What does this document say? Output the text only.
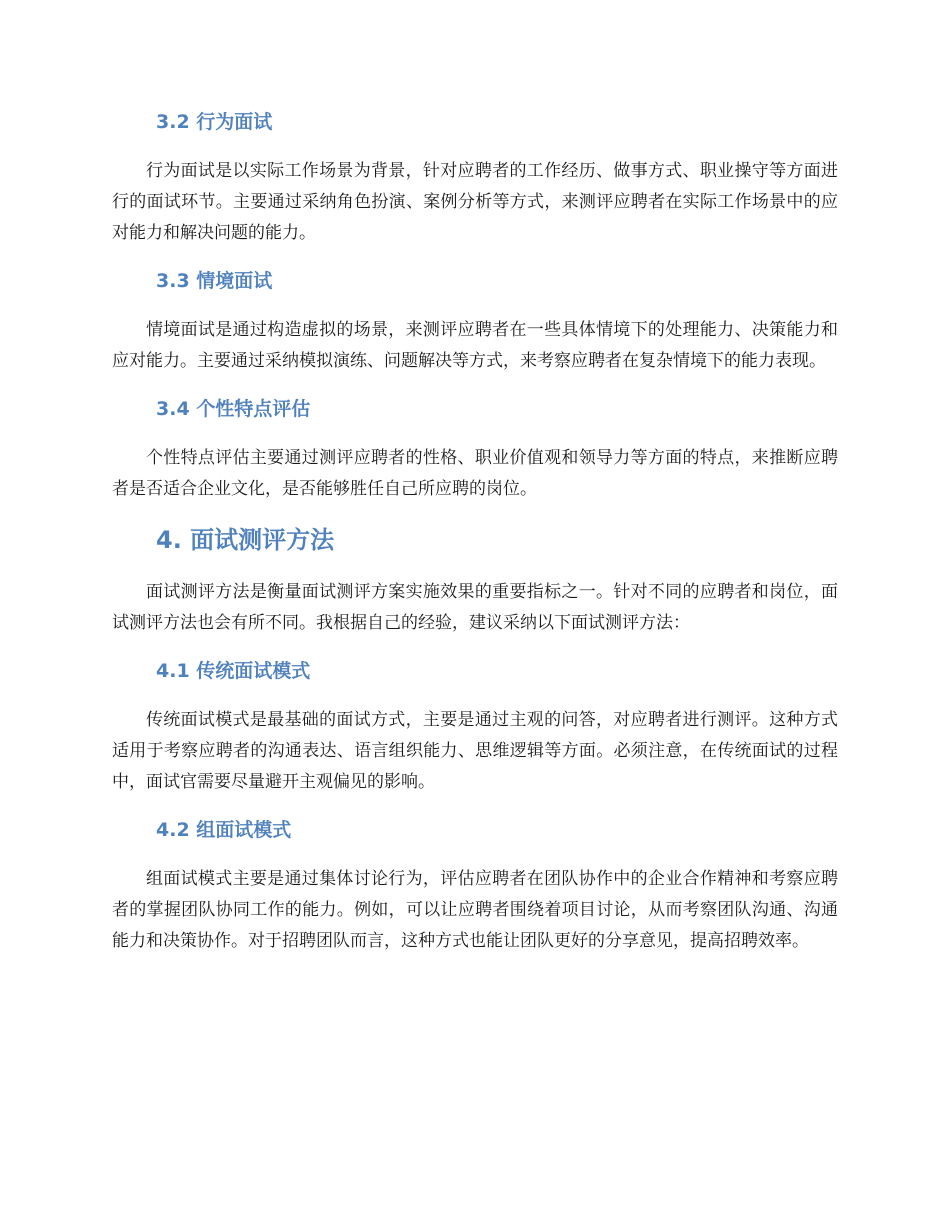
3.2 行为面试

行为面试是以实际工作场景为背景，针对应聘者的工作经历、做事方式、职业操守等方面进行的面试环节。主要通过采纳角色扮演、案例分析等方式，来测评应聘者在实际工作场景中的应对能力和解决问题的能力。

3.3 情境面试

情境面试是通过构造虚拟的场景，来测评应聘者在一些具体情境下的处理能力、决策能力和应对能力。主要通过采纳模拟演练、问题解决等方式，来考察应聘者在复杂情境下的能力表现。

3.4 个性特点评估

个性特点评估主要通过测评应聘者的性格、职业价值观和领导力等方面的特点，来推断应聘者是否适合企业文化，是否能够胜任自己所应聘的岗位。

4. 面试测评方法

面试测评方法是衡量面试测评方案实施效果的重要指标之一。针对不同的应聘者和岗位，面试测评方法也会有所不同。我根据自己的经验，建议采纳以下面试测评方法：

4.1 传统面试模式

传统面试模式是最基础的面试方式，主要是通过主观的问答，对应聘者进行测评。这种方式适用于考察应聘者的沟通表达、语言组织能力、思维逻辑等方面。必须注意，在传统面试的过程中，面试官需要尽量避开主观偏见的影响。

4.2 组面试模式

组面试模式主要是通过集体讨论行为，评估应聘者在团队协作中的企业合作精神和考察应聘者的掌握团队协同工作的能力。例如，可以让应聘者围绕着项目讨论，从而考察团队沟通、沟通能力和决策协作。对于招聘团队而言，这种方式也能让团队更好的分享意见，提高招聘效率。
